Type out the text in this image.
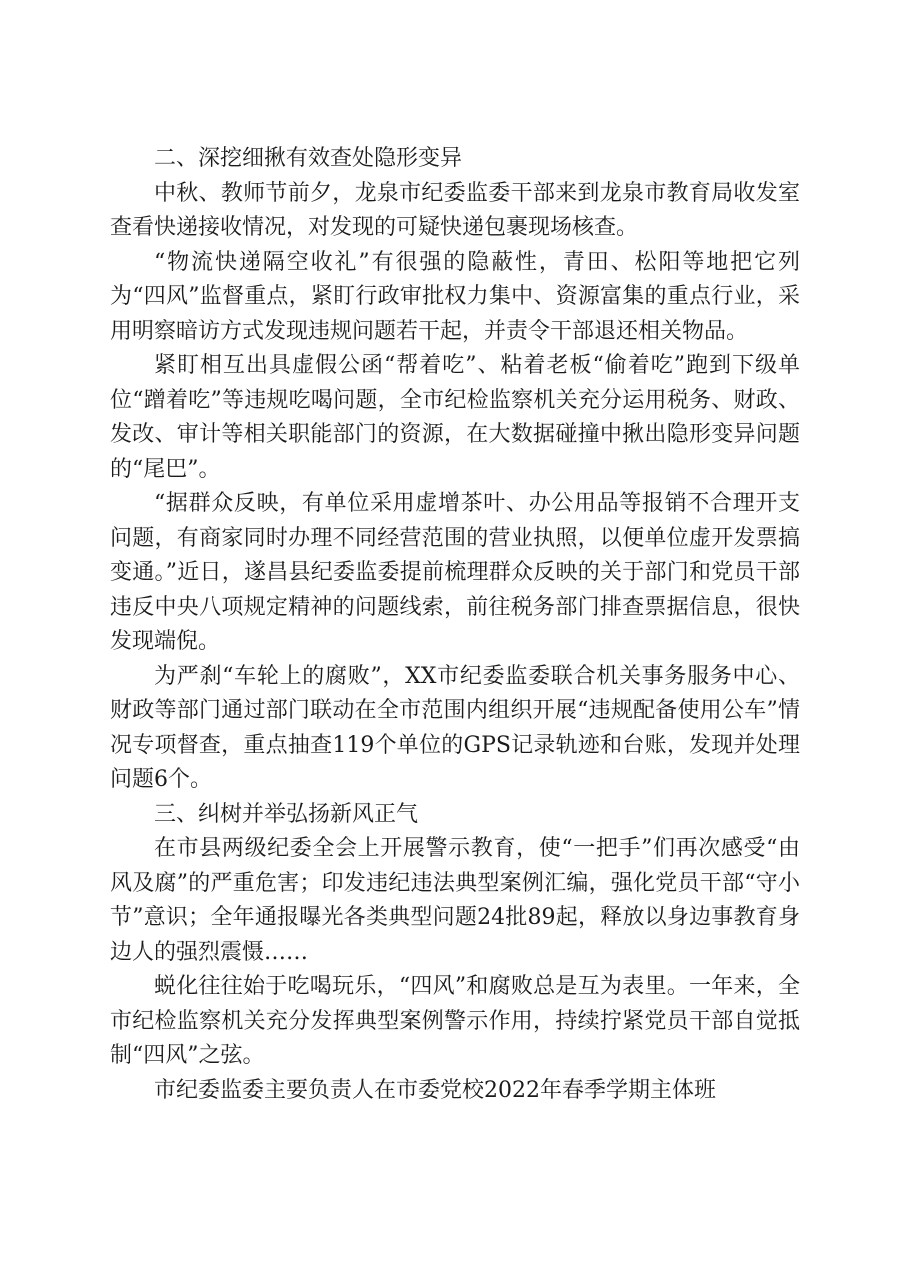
二、深挖细揪有效查处隐形变异

中秋、教师节前夕，龙泉市纪委监委干部来到龙泉市教育局收发室查看快递接收情况，对发现的可疑快递包裹现场核查。

“物流快递隔空收礼”有很强的隐蔽性，青田、松阳等地把它列为“四风”监督重点，紧盯行政审批权力集中、资源富集的重点行业，采用明察暗访方式发现违规问题若干起，并责令干部退还相关物品。

紧盯相互出具虚假公函“帮着吃”、粘着老板“偷着吃”跑到下级单位“蹭着吃”等违规吃喝问题，全市纪检监察机关充分运用税务、财政、发改、审计等相关职能部门的资源，在大数据碰撞中揪出隐形变异问题的“尾巴”。

“据群众反映，有单位采用虚增茶叶、办公用品等报销不合理开支问题，有商家同时办理不同经营范围的营业执照，以便单位虚开发票搞变通。”近日，遂昌县纪委监委提前梳理群众反映的关于部门和党员干部违反中央八项规定精神的问题线索，前往税务部门排查票据信息，很快发现端倪。

为严刹“车轮上的腐败”，XX市纪委监委联合机关事务服务中心、财政等部门通过部门联动在全市范围内组织开展“违规配备使用公车”情况专项督查，重点抽查119个单位的GPS记录轨迹和台账，发现并处理问题6个。

三、纠树并举弘扬新风正气

在市县两级纪委全会上开展警示教育，使“一把手”们再次感受“由风及腐”的严重危害；印发违纪违法典型案例汇编，强化党员干部“守小节”意识；全年通报曝光各类典型问题24批89起，释放以身边事教育身边人的强烈震慑……

蜕化往往始于吃喝玩乐，“四风”和腐败总是互为表里。一年来，全市纪检监察机关充分发挥典型案例警示作用，持续拧紧党员干部自觉抵制“四风”之弦。

市纪委监委主要负责人在市委党校2022年春季学期主体班
